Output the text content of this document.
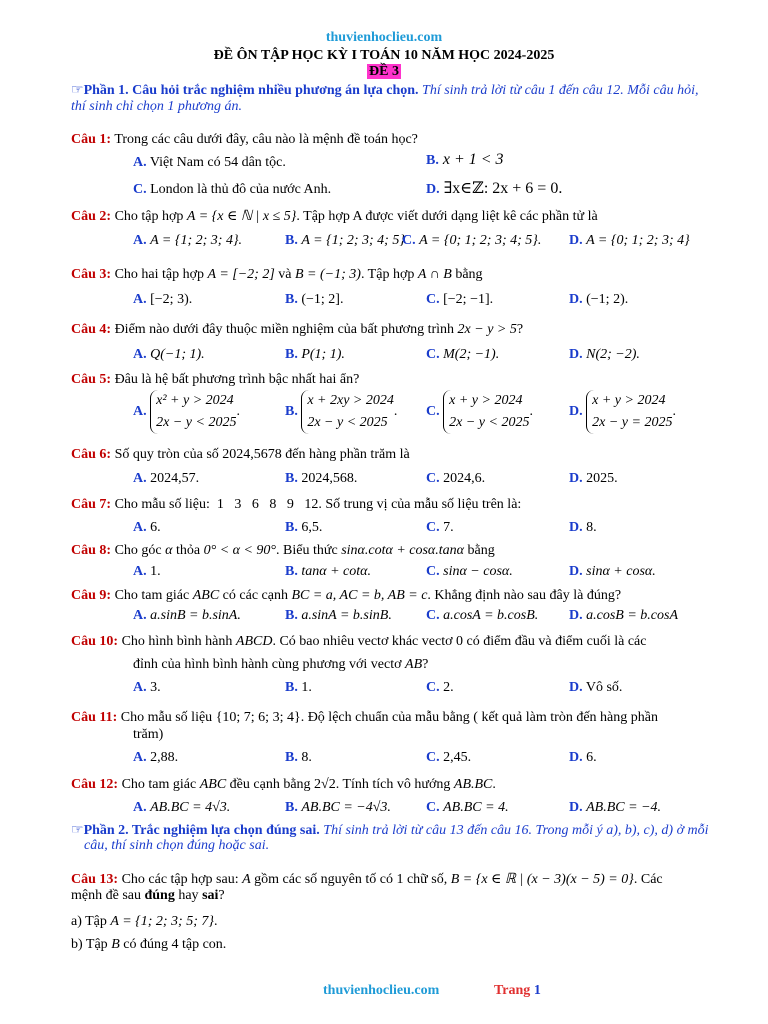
thuvienhoclieu.com
ĐỀ ÔN TẬP HỌC KỲ I TOÁN 10 NĂM HỌC 2024-2025
ĐỀ 3
☞Phần 1. Câu hỏi trắc nghiệm nhiều phương án lựa chọn. Thí sinh trả lời từ câu 1 đến câu 12. Mỗi câu hỏi,
thí sinh chỉ chọn 1 phương án.
Câu 1: Trong các câu dưới đây, câu nào là mệnh đề toán học?
A. Việt Nam có 54 dân tộc.	B. x + 1 < 3
C. London là thủ đô của nước Anh.	D. ∃x∈ℤ: 2x + 6 = 0.
Câu 2: Cho tập hợp A = {x ∈ ℕ | x ≤ 5}. Tập hợp A được viết dưới dạng liệt kê các phần tử là
A. A = {1; 2; 3; 4}.	B. A = {1; 2; 3; 4; 5}
C. A = {0; 1; 2; 3; 4; 5}. D. A = {0; 1; 2; 3; 4}
Câu 3: Cho hai tập hợp A = [−2; 2] và B = (−1; 3). Tập hợp A ∩ B bằng
A. [−2; 3).	B. (−1; 2].	C. [−2; −1].	D. (−1; 2).
Câu 4: Điểm nào dưới đây thuộc miền nghiệm của bất phương trình 2x − y > 5?
A. Q(−1; 1).	B. P(1; 1).	C. M(2; −1).	D. N(2; −2).
Câu 5: Đâu là hệ bất phương trình bậc nhất hai ẩn?
A. x² + y > 2024
2x − y < 2025.	B. x + 2xy > 2024
2x − y < 2025. C. x + y > 2024
2x − y < 2025.	D. x + y > 2024
2x − y = 2025.
Câu 6: Số quy tròn của số 2024,5678 đến hàng phần trăm là
A. 2024,57.	B. 2024,568.	C. 2024,6.	D. 2025.
Câu 7: Cho mẫu số liệu: 1   3   6   8   9   12. Số trung vị của mẫu số liệu trên là:
A. 6.	B. 6,5.	C. 7.	D. 8.
Câu 8: Cho góc α thỏa 0° < α < 90°. Biểu thức sinα.cotα + cosα.tanα bằng
A. 1.	B. tanα + cotα.	C. sinα − cosα.	D. sinα + cosα.
Câu 9: Cho tam giác ABC có các cạnh BC = a, AC = b, AB = c. Khẳng định nào sau đây là đúng?
A. a.sinB = b.sinA.	B. a.sinA = b.sinB. C. a.cosA = b.cosB. D. a.cosB = b.cosA
Câu 10: Cho hình bình hành ABCD. Có bao nhiêu vectơ khác vectơ 0 có điểm đầu và điểm cuối là các
đỉnh của hình bình hành cùng phương với vectơ AB?
A. 3.	B. 1.	C. 2.	D. Vô số.
Câu 11: Cho mẫu số liệu {10; 7; 6; 3; 4}. Độ lệch chuẩn của mẫu bằng ( kết quả làm tròn đến hàng phần
trăm)
A. 2,88.	B. 8.	C. 2,45.	D. 6.
Câu 12: Cho tam giác ABC đều cạnh bằng 2√2. Tính tích vô hướng AB.BC.
A. AB.BC = 4√3.	B. AB.BC = −4√3.	C. AB.BC = 4.	D. AB.BC = −4.
☞Phần 2. Trắc nghiệm lựa chọn đúng sai. Thí sinh trả lời từ câu 13 đến câu 16. Trong mỗi ý a), b), c), d) ở mỗi
câu, thí sinh chọn đúng hoặc sai.
Câu 13: Cho các tập hợp sau: A gồm các số nguyên tố có 1 chữ số, B = {x ∈ ℝ | (x − 3)(x − 5) = 0}. Các
mệnh đề sau đúng hay sai?
a) Tập A = {1; 2; 3; 5; 7}.
b) Tập B có đúng 4 tập con.
thuvienhoclieu.com	Trang 1
